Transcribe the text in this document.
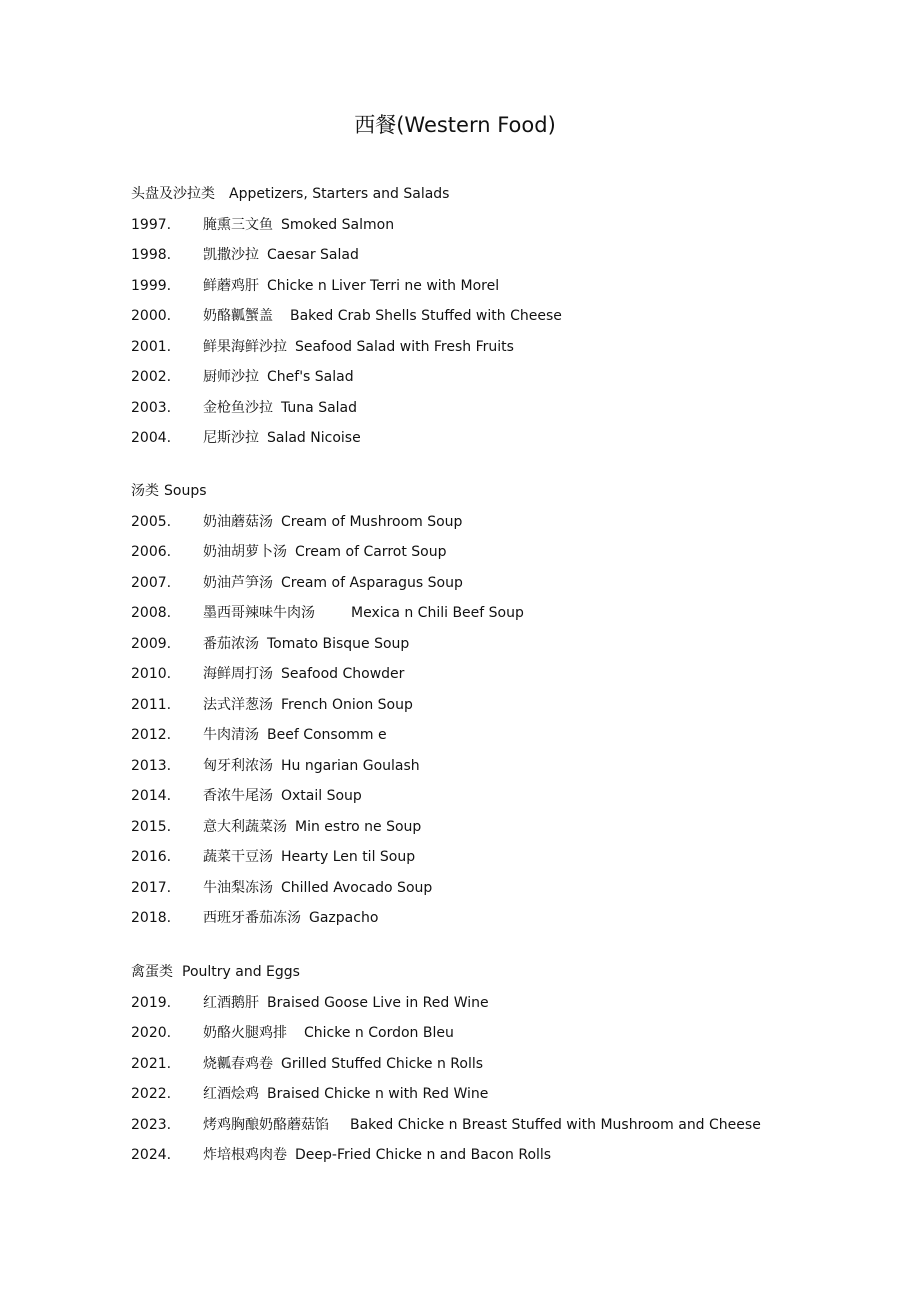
西餐(Western Food)
头盘及沙拉类 Appetizers, Starters and Salads
1997. 腌熏三文鱼 Smoked Salmon
1998. 凯撒沙拉 Caesar Salad
1999. 鲜蘑鸡肝 Chicke n Liver Terri ne with Morel
2000. 奶酪瓤蟹盖 Baked Crab Shells Stuffed with Cheese
2001. 鲜果海鲜沙拉 Seafood Salad with Fresh Fruits
2002. 厨师沙拉 Chef's Salad
2003. 金枪鱼沙拉 Tuna Salad
2004. 尼斯沙拉 Salad Nicoise
汤类 Soups
2005. 奶油蘑菇汤 Cream of Mushroom Soup
2006. 奶油胡萝卜汤 Cream of Carrot Soup
2007. 奶油芦笋汤 Cream of Asparagus Soup
2008. 墨西哥辣味牛肉汤	Mexica n Chili Beef Soup
2009. 番茄浓汤 Tomato Bisque Soup
2010. 海鲜周打汤 Seafood Chowder
2011. 法式洋葱汤 French Onion Soup
2012. 牛肉清汤 Beef Consomm e
2013. 匈牙利浓汤 Hu ngarian Goulash
2014. 香浓牛尾汤 Oxtail Soup
2015. 意大利蔬菜汤 Min estro ne Soup
2016. 蔬菜干豆汤 Hearty Len til Soup
2017. 牛油梨冻汤 Chilled Avocado Soup
2018. 西班牙番茄冻汤 Gazpacho
禽蛋类 Poultry and Eggs
2019. 红酒鹅肝 Braised Goose Live in Red Wine
2020. 奶酪火腿鸡排 Chicke n Cordon Bleu
2021. 烧瓤春鸡卷 Grilled Stuffed Chicke n Rolls
2022. 红酒烩鸡 Braised Chicke n with Red Wine
2023. 烤鸡胸酿奶酪蘑菇馅 Baked Chicke n Breast Stuffed with Mushroom and Cheese
2024. 炸培根鸡肉卷 Deep-Fried Chicke n and Bacon Rolls
